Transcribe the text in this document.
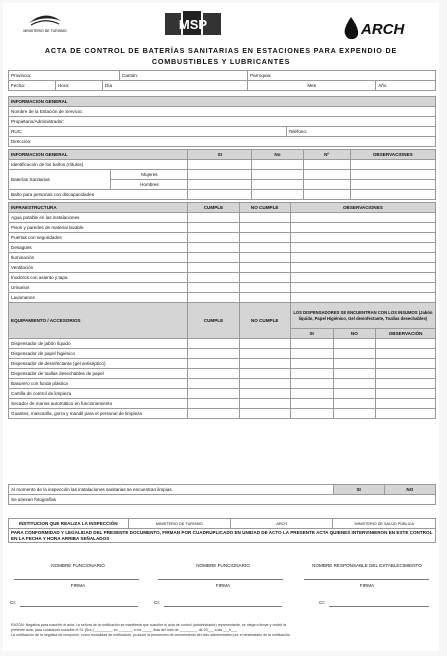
MINISTERIO DE TURISMO	MSP	ARCH
ACTA DE CONTROL DE BATERÍAS SANITARIAS EN ESTACIONES PARA EXPENDIO DE
COMBUSTIBLES Y LUBRICANTES
Provincia:	Cantón:	Parroquia:
Fecha:	Hora:	Día	Mes	Año
INFORMACION GENERAL
Nombre de la Estación de Servicio:
Propietario/Administrador:
RUC:	Teléfono:
Dirección:
INFORMACION GENERAL		SI	No	Nº	OBSERVACIONES
Identificación de los baños (rótulos)					
Baterías Sanitarias	Mujeres				
	Hombres				
Baño para personas con discapacidades					
INFRAESTRUCTURA	CUMPLE	NO CUMPLE	OBSERVACIONES
Agua potable en las instalaciones			
Pisos y paredes de material lavable			
Puertas con seguridades			
Desagües			
Iluminación			
Ventilación			
Inodoros con asiento y tapa			
Urinarios			
Lavamanos			
EQUIPAMIENTO / ACCESORIOS	CUMPLE	NO CUMPLE	LOS DISPENSADORES SE ENCUENTRAN CON LOS INSUMOS (Jabón líquido, Papel Higiénico, Gel desinfectante, Toallas desechables)		
			SI	NO	OBSERVACIÓN
Dispensador de jabón líquido					
Dispensador de papel higiénico					
Dispensador de desinfectante (gel antiséptico)					
Dispensador de toallas desechables de papel					
Basurero con funda plástica					
Cartilla de control de limpieza					
Secador de manos automático en funcionamiento					
Guantes, mascarilla, gorra y mandil para el personal de limpieza					
Al momento de la inspección las instalaciones sanitarias se encuentran limpias.	SI	NO
Se anexan fotografías
INSTITUCION QUE REALIZA LA INSPECCIÓN	MINISTERIO DE TURISMO	ARCH	MINISTERIO DE SALUD PÚBLICA
PARA CONFORMIDAD Y LEGALIDAD DEL PRESENTE DOCUMENTO, FIRMAN POR CUADRUPLICADO EN UNIDAD DE ACTO LA PRESENTE ACTA QUIENES INTERVINIERON EN ESTE CONTROL EN LA FECHA Y HORA ARRIBA SEÑALADOS
NOMBRE FUNCIONARIO	NOMBRE FUNCIONARIO	NOMBRE RESPONSABLE DEL ESTABLECIMIENTO
FIRMA	FIRMA	FIRMA
CI:	CI:	CI:
RAZÓN: Negativa para suscribir el acta: La señora de la notificación se manifiesta que suscribe el acta de control (administrador) representante, se niega a firmar y recibir la
presente acta, para constancia suscribe el Sr. (Sra.) _________ en _______ a los _____ días del mes de _________ de 20___ a las ___h___
La notificación de la negativa de recepción, como modalidad de notificación, produce la presunción de conocimiento del acto administrativo por el destinatario de la notificación.
